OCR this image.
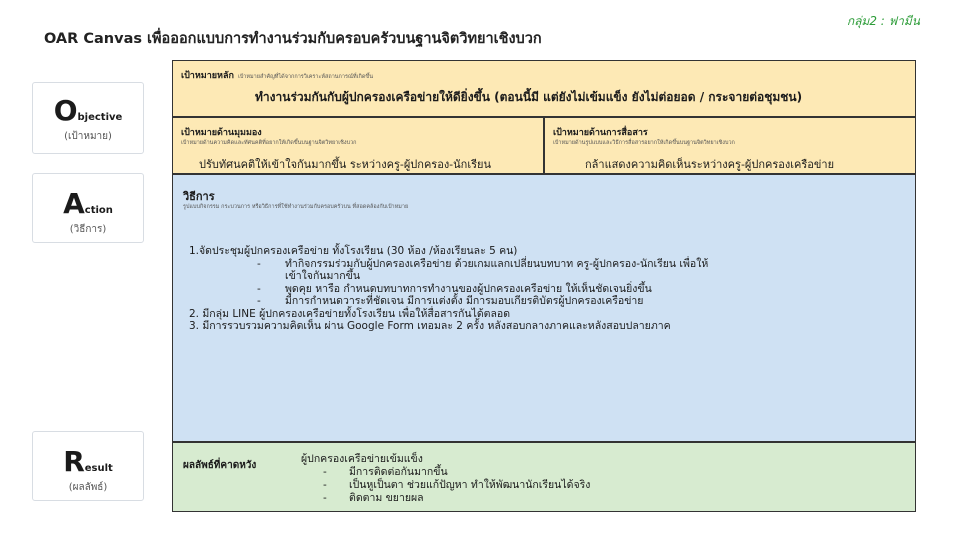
OAR Canvas เพื่อออกแบบการทำงานร่วมกับครอบครัวบนฐานจิตวิทยาเชิงบวก
กลุ่ม2 : ฟามีน
Objective
(เป้าหมาย)
Action
(วิธีการ)
Result
(ผลลัพธ์)
เป้าหมายหลัก เป้าหมายสำคัญที่ได้จากการวิเคราะห์สถานการณ์ที่เกิดขึ้น
ทำงานร่วมกันกับผู้ปกครองเครือข่ายให้ดียิ่งขึ้น (ตอนนี้มี แต่ยังไม่เข้มแข็ง ยังไม่ต่อยอด / กระจายต่อชุมชน)
เป้าหมายด้านมุมมอง
เป้าหมายด้านความคิดและทัศนคติที่อยากให้เกิดขึ้นบนฐานจิตวิทยาเชิงบวก
ปรับทัศนคติให้เข้าใจกันมากขึ้น ระหว่างครู-ผู้ปกครอง-นักเรียน
เป้าหมายด้านการสื่อสาร
เป้าหมายด้านรูปแบบและวิธีการสื่อสารอยากให้เกิดขึ้นบนฐานจิตวิทยาเชิงบวก
กล้าแสดงความคิดเห็นระหว่างครู-ผู้ปกครองเครือข่าย
วิธีการ
รูปแบบกิจกรรม กระบวนการ หรือวิธีการที่ใช้ทำงานร่วมกับครอบครัวบน ที่สอดคล้องกับเป้าหมาย
1.จัดประชุมผู้ปกครองเครือข่าย ทั้งโรงเรียน (30 ห้อง /ห้องเรียนละ 5 คน)
- ทำกิจกรรมร่วมกับผู้ปกครองเครือข่าย ด้วยเกมแลกเปลี่ยนบทบาท ครู-ผู้ปกครอง-นักเรียน เพื่อให้
เข้าใจกันมากขึ้น
- พูดคุย หารือ กำหนดบทบาทการทำงานของผู้ปกครองเครือข่าย ให้เห็นชัดเจนยิ่งขึ้น
- มีการกำหนดวาระที่ชัดเจน มีการแต่งตั้ง มีการมอบเกียรติบัตรผู้ปกครองเครือข่าย
2. มีกลุ่ม LINE ผู้ปกครองเครือข่ายทั้งโรงเรียน เพื่อให้สื่อสารกันได้ตลอด
3. มีการรวบรวมความคิดเห็น ผ่าน Google Form เทอมละ 2 ครั้ง หลังสอบกลางภาคและหลังสอบปลายภาค
ผลลัพธ์ที่คาดหวัง
ผู้ปกครองเครือข่ายเข้มแข็ง
- มีการติดต่อกันมากขึ้น
- เป็นหูเป็นตา ช่วยแก้ปัญหา ทำให้พัฒนานักเรียนได้จริง
- ติดตาม ขยายผล
